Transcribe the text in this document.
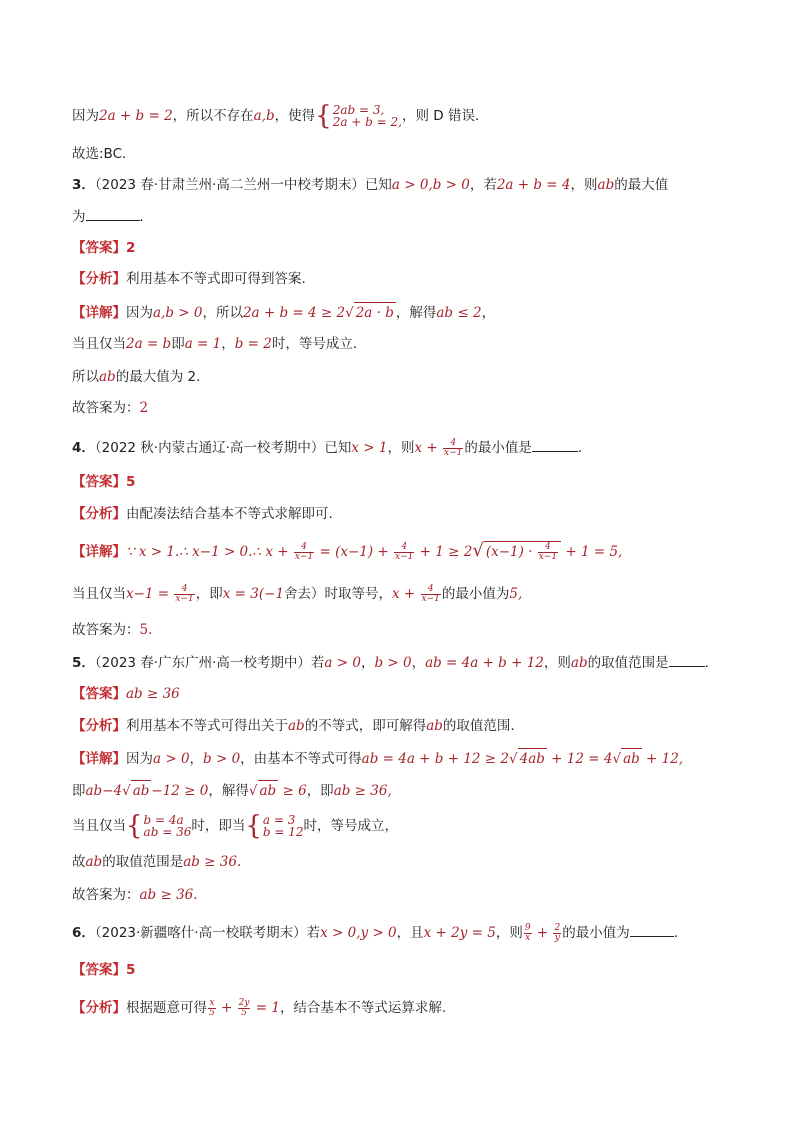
因为2a + b = 2，所以不存在a,b，使得 { 2ab = 3,
2a + b = 2, ，则 D 错误．
故选:BC.
3．（2023 春·甘肃兰州·高二兰州一中校考期末）已知a > 0,b > 0，若2a + b = 4，则ab的最大值
为	．
【答案】2
【分析】利用基本不等式即可得到答案.
【详解】因为a,b > 0，所以2a + b = 4 ≥ 2√ 2a · b ，解得ab ≤ 2，
当且仅当2a = b即a = 1，b = 2时，等号成立．
所以ab的最大值为 2.
故答案为：2
4．（2022 秋·内蒙古通辽·高一校考期中）已知x > 1，则$x + \frac{4}{x-1}$ 的最小值是	.
【答案】5
【分析】由配凑法结合基本不等式求解即可.
【详解】∵ x > 1.∴ x−1 > 0.∴ $x + \frac{4}{x-1} = (x-1) + \frac{4}{x-1} + 1 \ge 2√$ $(x-1) \cdot \frac{4}{x-1} + 1 = 5$,
当且仅当$x-1 = \frac{4}{x-1}$ ，即x = 3(−1舍去）时取等号，$x + \frac{4}{x-1}$ 的最小值为5,
故答案为：5.
5．（2023 春·广东广州·高一校考期中）若a > 0，b > 0，ab = 4a + b + 12，则ab的取值范围是	.
【答案】ab ≥ 36
【分析】利用基本不等式可得出关于ab的不等式，即可解得ab的取值范围.
【详解】因为a > 0，b > 0，由基本不等式可得ab = 4a + b + 12 ≥ 2√ 4ab + 12 = 4√ ab + 12,
即ab−4√ ab −12 ≥ 0，解得√ ab ≥ 6，即ab ≥ 36,
当且仅当 { b = 4a
ab = 36 时，即当 { a = 3
b = 12 时，等号成立，
故ab的取值范围是ab ≥ 36.
故答案为：ab ≥ 36.
6．（2023·新疆喀什·高一校联考期末）若x > 0,y > 0，且x + 2y = 5，则 $\frac{9}{x} + \frac{2}{y}$ 的最小值为	.
【答案】5
【分析】根据题意可得 $\frac{x}{5} + \frac{2y}{5} = 1$，结合基本不等式运算求解.
